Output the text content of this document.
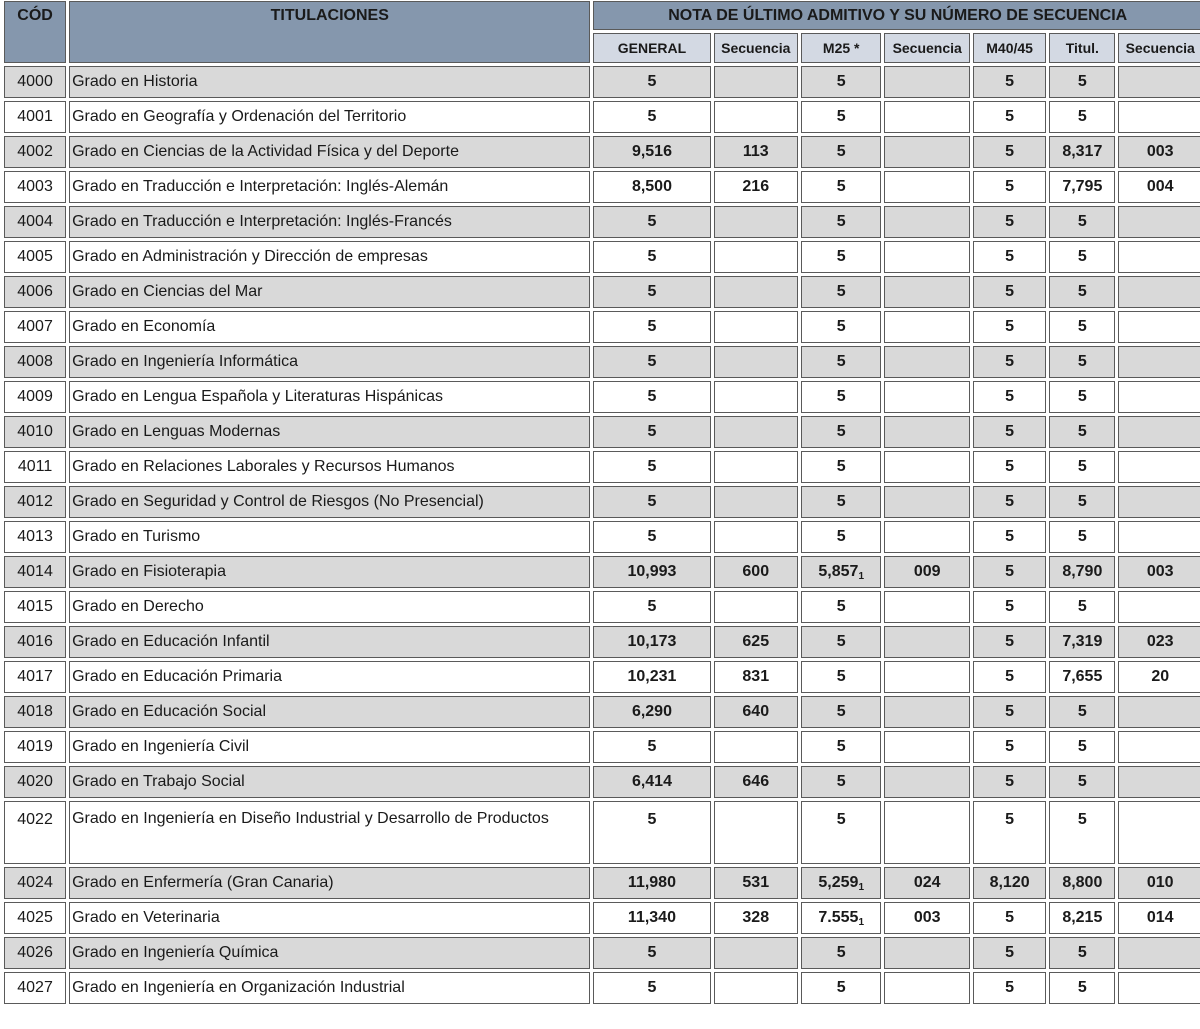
CÓD	TITULACIONES	NOTA DE ÚLTIMO ADMITIVO Y SU NÚMERO DE SECUENCIA						
		GENERAL	Secuencia	M25 *	Secuencia	M40/45	Titul.	Secuencia
4000	Grado en Historia	5		5		5	5	
4001	Grado en Geografía y Ordenación del Territorio	5		5		5	5	
4002	Grado en Ciencias de la Actividad Física y del Deporte	9,516	113	5		5	8,317	003
4003	Grado en Traducción e Interpretación: Inglés-Alemán	8,500	216	5		5	7,795	004
4004	Grado en Traducción e Interpretación: Inglés-Francés	5		5		5	5	
4005	Grado en Administración y Dirección de empresas	5		5		5	5	
4006	Grado en Ciencias del Mar	5		5		5	5	
4007	Grado en Economía	5		5		5	5	
4008	Grado en Ingeniería Informática	5		5		5	5	
4009	Grado en Lengua Española y Literaturas Hispánicas	5		5		5	5	
4010	Grado en Lenguas Modernas	5		5		5	5	
4011	Grado en Relaciones Laborales y Recursos Humanos	5		5		5	5	
4012	Grado en Seguridad y Control de Riesgos (No Presencial)	5		5		5	5	
4013	Grado en Turismo	5		5		5	5	
4014	Grado en Fisioterapia	10,993	600	5,8571	009	5	8,790	003
4015	Grado en Derecho	5		5		5	5	
4016	Grado en Educación Infantil	10,173	625	5		5	7,319	023
4017	Grado en Educación Primaria	10,231	831	5		5	7,655	20
4018	Grado en Educación Social	6,290	640	5		5	5	
4019	Grado en Ingeniería Civil	5		5		5	5	
4020	Grado en Trabajo Social	6,414	646	5		5	5	
4022	Grado en Ingeniería en Diseño Industrial y Desarrollo de Productos	5		5		5	5	
4024	Grado en Enfermería (Gran Canaria)	11,980	531	5,2591	024	8,120	8,800	010
4025	Grado en Veterinaria	11,340	328	7.5551	003	5	8,215	014
4026	Grado en Ingeniería Química	5		5		5	5	
4027	Grado en Ingeniería en Organización Industrial	5		5		5	5	
